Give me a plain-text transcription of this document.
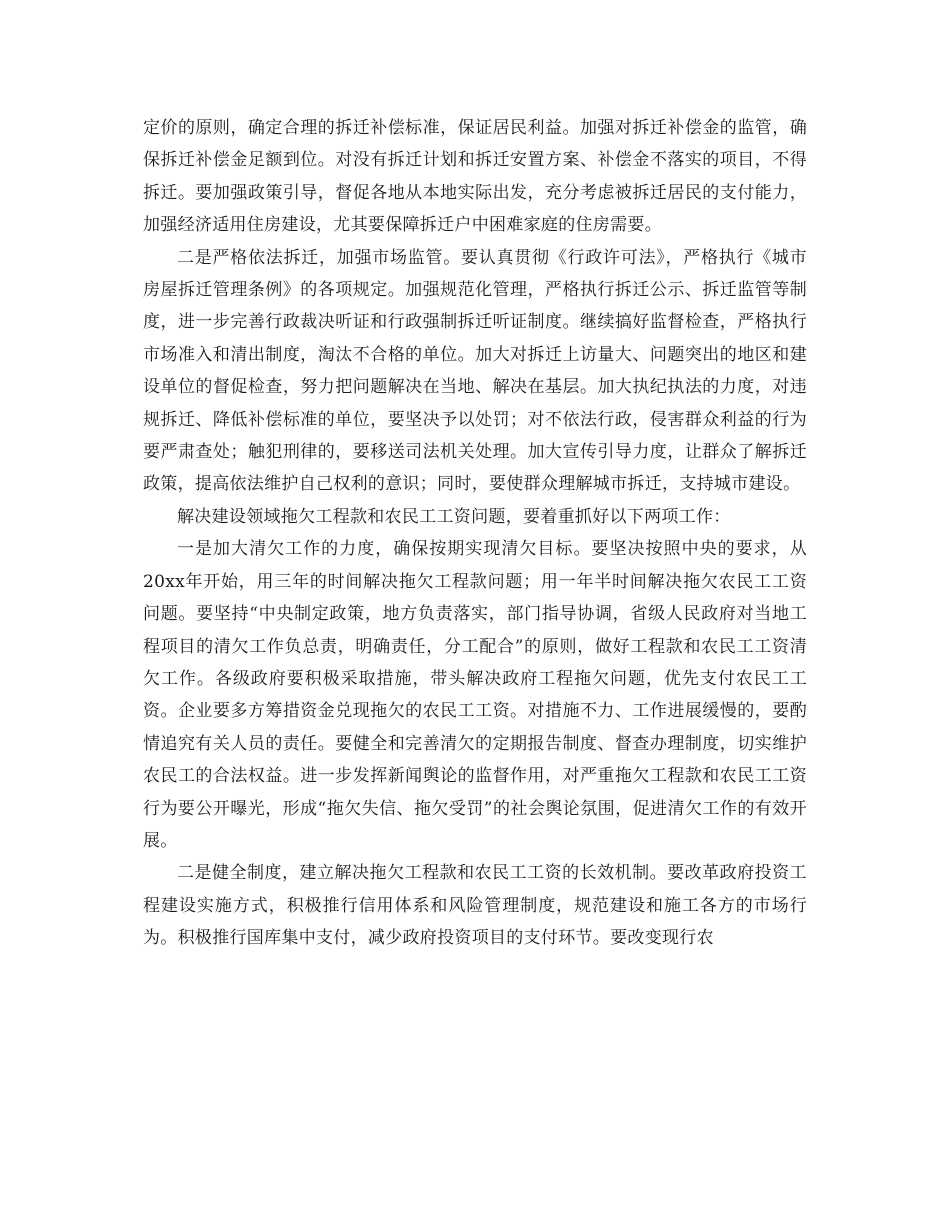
定价的原则，确定合理的拆迁补偿标准，保证居民利益。加强对拆迁补偿金的监管，确保拆迁补偿金足额到位。对没有拆迁计划和拆迁安置方案、补偿金不落实的项目，不得拆迁。要加强政策引导，督促各地从本地实际出发，充分考虑被拆迁居民的支付能力，加强经济适用住房建设，尤其要保障拆迁户中困难家庭的住房需要。

二是严格依法拆迁，加强市场监管。要认真贯彻《行政许可法》，严格执行《城市房屋拆迁管理条例》的各项规定。加强规范化管理，严格执行拆迁公示、拆迁监管等制度，进一步完善行政裁决听证和行政强制拆迁听证制度。继续搞好监督检查，严格执行市场准入和清出制度，淘汰不合格的单位。加大对拆迁上访量大、问题突出的地区和建设单位的督促检查，努力把问题解决在当地、解决在基层。加大执纪执法的力度，对违规拆迁、降低补偿标准的单位，要坚决予以处罚；对不依法行政，侵害群众利益的行为要严肃查处；触犯刑律的，要移送司法机关处理。加大宣传引导力度，让群众了解拆迁政策，提高依法维护自己权利的意识；同时，要使群众理解城市拆迁，支持城市建设。

解决建设领域拖欠工程款和农民工工资问题，要着重抓好以下两项工作：

一是加大清欠工作的力度，确保按期实现清欠目标。要坚决按照中央的要求，从20xx年开始，用三年的时间解决拖欠工程款问题；用一年半时间解决拖欠农民工工资问题。要坚持“中央制定政策，地方负责落实，部门指导协调，省级人民政府对当地工程项目的清欠工作负总责，明确责任，分工配合”的原则，做好工程款和农民工工资清欠工作。各级政府要积极采取措施，带头解决政府工程拖欠问题，优先支付农民工工资。企业要多方筹措资金兑现拖欠的农民工工资。对措施不力、工作进展缓慢的，要酌情追究有关人员的责任。要健全和完善清欠的定期报告制度、督查办理制度，切实维护农民工的合法权益。进一步发挥新闻舆论的监督作用，对严重拖欠工程款和农民工工资行为要公开曝光，形成“拖欠失信、拖欠受罚”的社会舆论氛围，促进清欠工作的有效开展。

二是健全制度，建立解决拖欠工程款和农民工工资的长效机制。要改革政府投资工程建设实施方式，积极推行信用体系和风险管理制度，规范建设和施工各方的市场行为。积极推行国库集中支付，减少政府投资项目的支付环节。要改变现行农
